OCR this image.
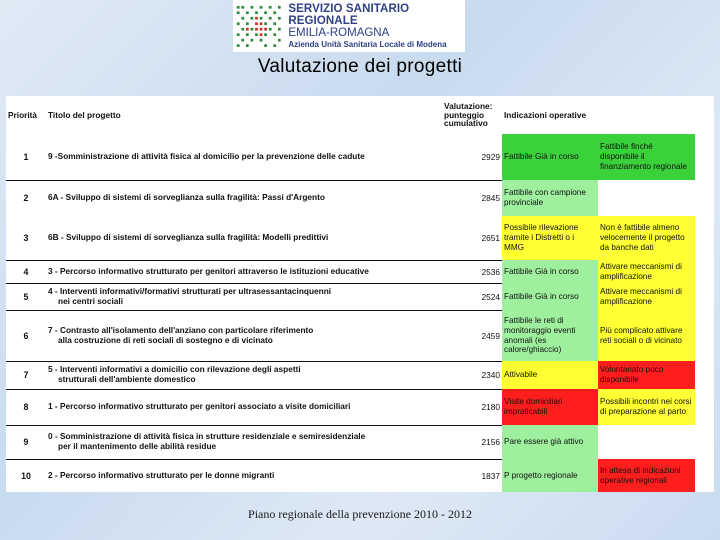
SERVIZIO SANITARIO REGIONALE
EMILIA-ROMAGNA
Azienda Unità Sanitaria Locale di Modena
Valutazione dei progetti
Priorità	Titolo del progetto	Valutazione: punteggio cumulativo	Indicazioni operative	
1	9 -Somministrazione di attività fisica al domicilio per la prevenzione delle cadute	2929	Fattibile Già in corso	Fattibile finché disponibile il finanziamento regionale
2	6A - Sviluppo di sistemi di sorveglianza sulla fragilità: Passi d'Argento	2845	Fattibile con campione provinciale	
3	6B - Sviluppo di sistemi di sorveglianza sulla fragilità: Modelli predittivi	2651	Possibile rilevazione tramite i Distretti o i MMG	Non è fattibile almeno velocemente il progetto da banche dati
4	3 - Percorso informativo strutturato per genitori attraverso le istituzioni educative	2536	Fattibile Già in corso	Attivare meccanismi di amplificazione
5	4 - Interventi informativi/formativi strutturati per ultrasessantacinquenni
nei centri sociali	2524	Fattibile Già in corso	Attivare meccanismi di amplificazione
6	7 - Contrasto all'isolamento dell'anziano con particolare riferimento
alla costruzione di reti sociali di sostegno e di vicinato	2459	Fattibile le reti di monitoraggio eventi anomali (es calore/ghiaccio)	Più complicato attivare reti sociali o di vicinato
7	5 - Interventi informativi a domicilio con rilevazione degli aspetti
strutturali dell'ambiente domestico	2340	Attivabile	Volontariato poco disponibile
8	1 - Percorso informativo strutturato per genitori associato a visite domiciliari	2180	Visite domiciliari impraticabili	Possibili incontri nei corsi di preparazione al parto
9	0 - Somministrazione di attività fisica in strutture residenziale e semiresidenziale
per il mantenimento delle abilità residue	2156	Pare essere già attivo	
10	2 - Percorso informativo strutturato per le donne migranti	1837	P progetto regionale	In attesa di indicazioni operative regionali
Piano regionale della prevenzione 2010 - 2012
